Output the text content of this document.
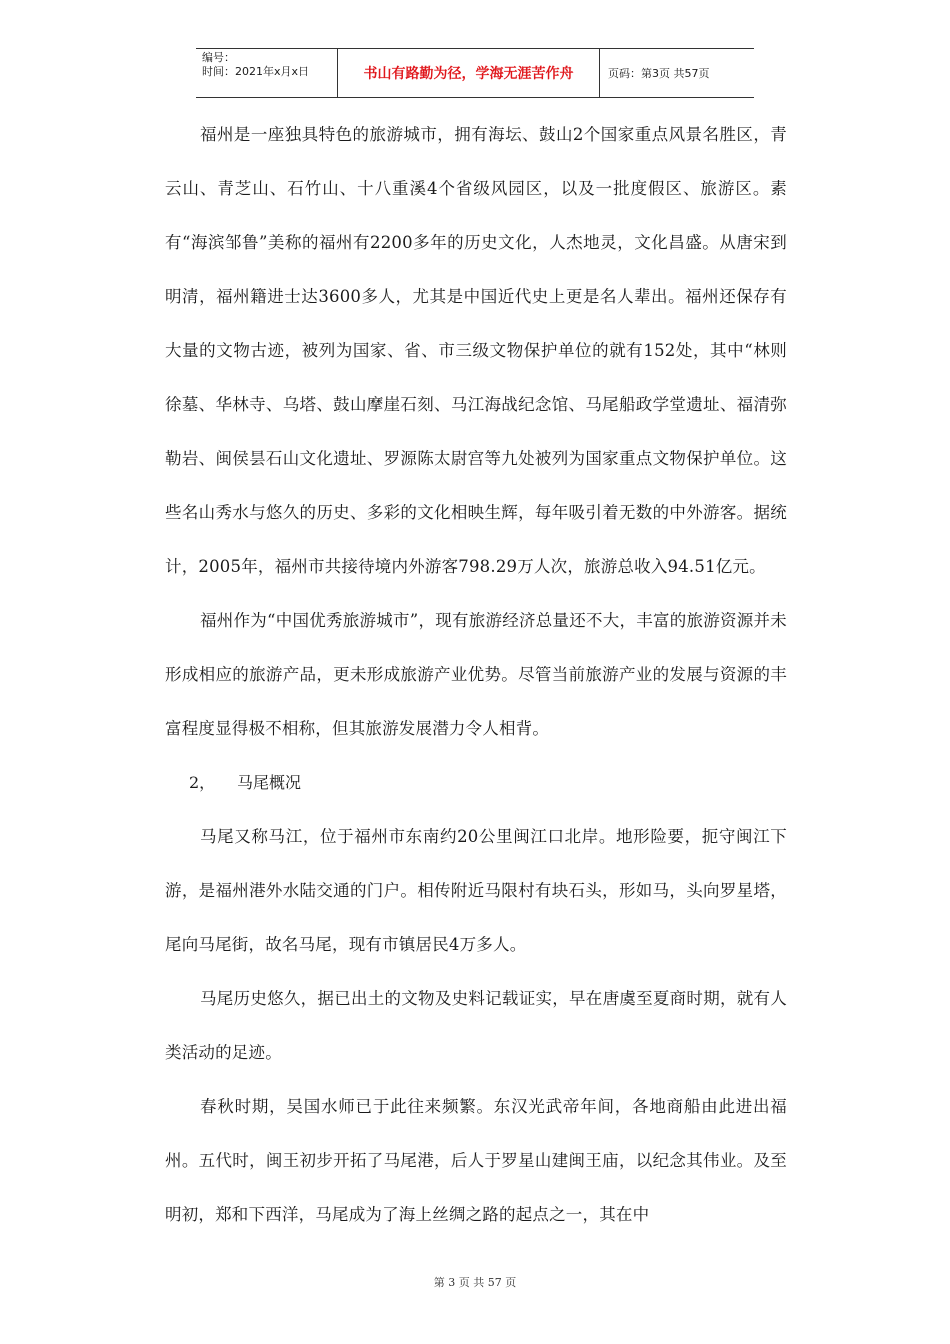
编号：
时间：2021年x月x日	书山有路勤为径，学海无涯苦作舟	页码：第3页 共57页

福州是一座独具特色的旅游城市，拥有海坛、鼓山2个国家重点风景名胜区，青云山、青芝山、石竹山、十八重溪4个省级风园区，以及一批度假区、旅游区。素有“海滨邹鲁”美称的福州有2200多年的历史文化，人杰地灵，文化昌盛。从唐宋到明清，福州籍进士达3600多人，尤其是中国近代史上更是名人辈出。福州还保存有大量的文物古迹，被列为国家、省、市三级文物保护单位的就有152处，其中“林则徐墓、华林寺、乌塔、鼓山摩崖石刻、马江海战纪念馆、马尾船政学堂遗址、福清弥勒岩、闽侯昙石山文化遗址、罗源陈太尉宫等九处被列为国家重点文物保护单位。这些名山秀水与悠久的历史、多彩的文化相映生辉，每年吸引着无数的中外游客。据统计，2005年，福州市共接待境内外游客798.29万人次，旅游总收入94.51亿元。

福州作为“中国优秀旅游城市”，现有旅游经济总量还不大，丰富的旅游资源并未形成相应的旅游产品，更未形成旅游产业优势。尽管当前旅游产业的发展与资源的丰富程度显得极不相称，但其旅游发展潜力令人相背。

2， 马尾概况

马尾又称马江，位于福州市东南约20公里闽江口北岸。地形险要，扼守闽江下游，是福州港外水陆交通的门户。相传附近马限村有块石头，形如马，头向罗星塔，尾向马尾街，故名马尾，现有市镇居民4万多人。

马尾历史悠久，据已出土的文物及史料记载证实，早在唐虞至夏商时期，就有人类活动的足迹。

春秋时期，吴国水师已于此往来频繁。东汉光武帝年间，各地商船由此进出福州。五代时，闽王初步开拓了马尾港，后人于罗星山建闽王庙，以纪念其伟业。及至明初，郑和下西洋，马尾成为了海上丝绸之路的起点之一，其在中

第 3 页 共 57 页
